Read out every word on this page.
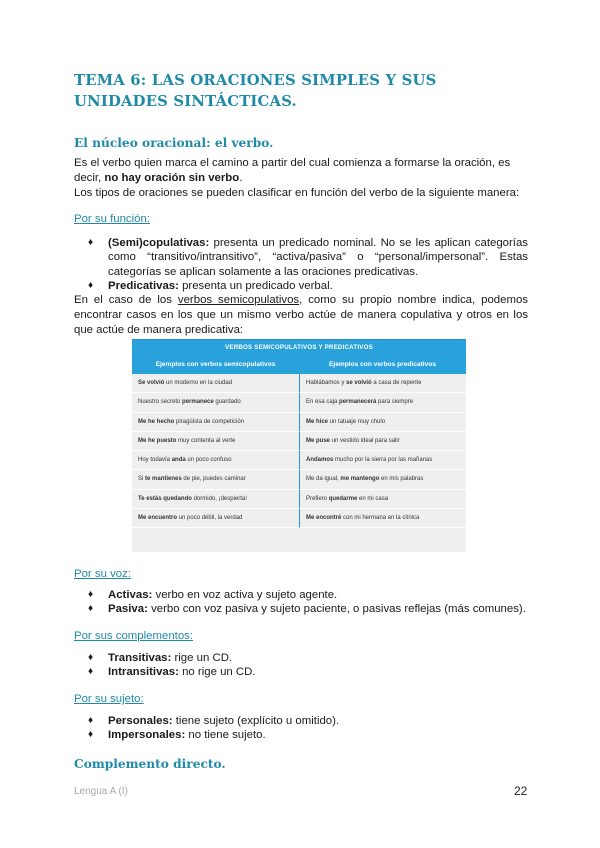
TEMA 6: LAS ORACIONES SIMPLES Y SUS UNIDADES SINTÁCTICAS.
El núcleo oracional: el verbo.
Es el verbo quien marca el camino a partir del cual comienza a formarse la oración, es decir, no hay oración sin verbo.
Los tipos de oraciones se pueden clasificar en función del verbo de la siguiente manera:
Por su función:
♦ (Semi)copulativas: presenta un predicado nominal. No se les aplican categorías como “transitivo/intransitivo”, “activa/pasiva” o “personal/impersonal”. Estas categorías se aplican solamente a las oraciones predicativas.
♦ Predicativas: presenta un predicado verbal.
En el caso de los verbos semicopulativos, como su propio nombre indica, podemos encontrar casos en los que un mismo verbo actúe de manera copulativa y otros en los que actúe de manera predicativa:
VERBOS SEMICOPULATIVOS Y PREDICATIVOS
Ejemplos con verbos semicopulativos	Ejemplos con verbos predicativos
Se volvió un moderno en la ciudad	Hablábamos y se volvió a casa de repente
Nuestro secreto permanece guardado	En esa caja permanecerá para siempre
Me he hecho piragüista de competición	Me hice un tatuaje muy chulo
Me he puesto muy contenta al verte	Me puse un vestido ideal para salir
Hoy todavía anda un poco confuso	Andamos mucho por la sierra por las mañanas
Si te mantienes de pie, puedes caminar	Me da igual, me mantengo en mis palabras
Te estás quedando dormido, ¡despierta!	Prefiero quedarme en mi casa
Me encuentro un poco débil, la verdad	Me encontré con mi hermana en la clínica
Por su voz:
♦ Activas: verbo en voz activa y sujeto agente.
♦ Pasiva: verbo con voz pasiva y sujeto paciente, o pasivas reflejas (más comunes).
Por sus complementos:
♦ Transitivas: rige un CD.
♦ Intransitivas: no rige un CD.
Por su sujeto:
♦ Personales: tiene sujeto (explícito u omitido).
♦ Impersonales: no tiene sujeto.
Complemento directo.
Lengua A (I)	22
